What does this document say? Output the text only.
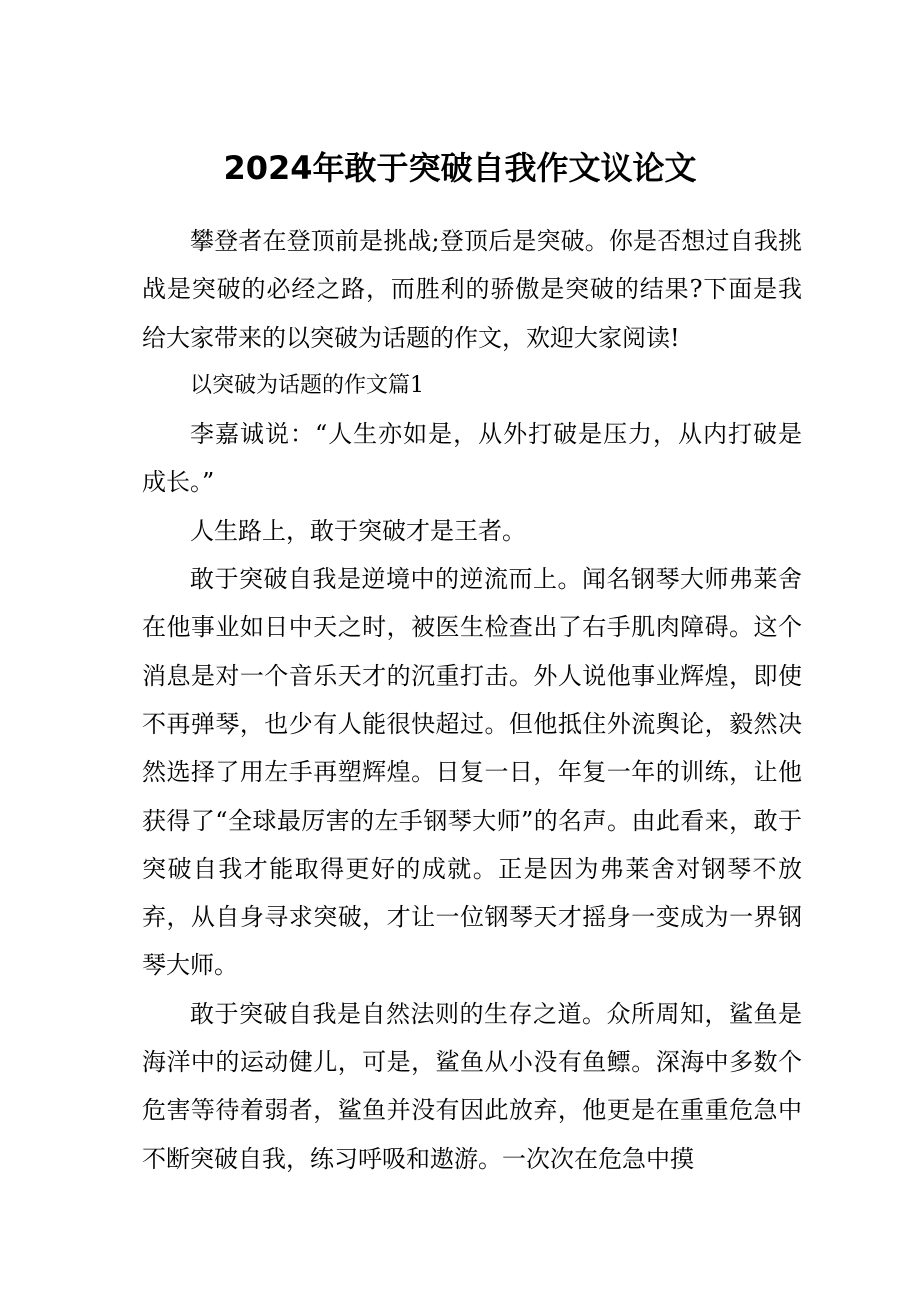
2024年敢于突破自我作文议论文

攀登者在登顶前是挑战;登顶后是突破。你是否想过自我挑战是突破的必经之路，而胜利的骄傲是突破的结果?下面是我给大家带来的以突破为话题的作文，欢迎大家阅读!

以突破为话题的作文篇1

李嘉诚说：“人生亦如是，从外打破是压力，从内打破是成长。”

人生路上，敢于突破才是王者。

敢于突破自我是逆境中的逆流而上。闻名钢琴大师弗莱舍在他事业如日中天之时，被医生检查出了右手肌肉障碍。这个消息是对一个音乐天才的沉重打击。外人说他事业辉煌，即使不再弹琴，也少有人能很快超过。但他抵住外流舆论，毅然决然选择了用左手再塑辉煌。日复一日，年复一年的训练，让他获得了“全球最厉害的左手钢琴大师”的名声。由此看来，敢于突破自我才能取得更好的成就。正是因为弗莱舍对钢琴不放弃，从自身寻求突破，才让一位钢琴天才摇身一变成为一界钢琴大师。

敢于突破自我是自然法则的生存之道。众所周知，鲨鱼是海洋中的运动健儿，可是，鲨鱼从小没有鱼鳔。深海中多数个危害等待着弱者，鲨鱼并没有因此放弃，他更是在重重危急中不断突破自我，练习呼吸和遨游。一次次在危急中摸
